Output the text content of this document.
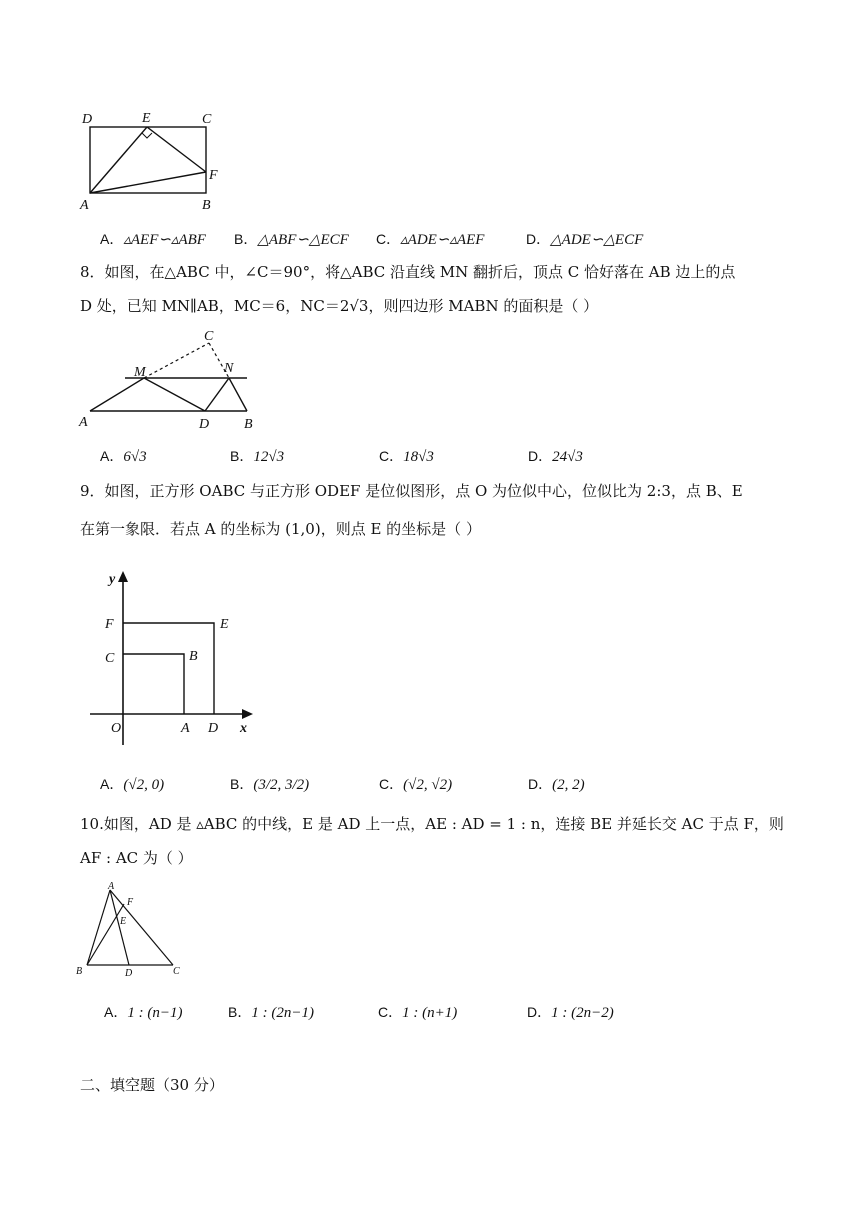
D	E	C
A	B
F
A．▵AEF∽▵ABF B．△ABF∽△ECF C．▵ADE∽▵AEF	D．△ADE∽△ECF
8．如图，在△ABC 中，∠C＝90°，将△ABC 沿直线 MN 翻折后，顶点 C 恰好落在 AB 边上的点
D 处，已知 MN∥AB，MC＝6，NC＝2√3，则四边形 MABN 的面积是（ ）
C
M	N
A	D B
A．6√3	B．12√3	C．18√3	D．24√3
9．如图，正方形 OABC 与正方形 ODEF 是位似图形，点 O 为位似中心，位似比为 2:3，点 B、E
在第一象限．若点 A 的坐标为 (1,0)，则点 E 的坐标是（ ）
y
x
O	A D
B
C
E
F
A．(√2, 0)	B．(3/2, 3/2)	C．(√2, √2)	D．(2, 2)
10.如图，AD 是 ▵ABC 的中线，E 是 AD 上一点，AE : AD = 1 : n，连接 BE 并延长交 AC 于点 F，则
AF : AC 为（ ）
A
F
E
B	D	C
A．1 : (n−1)	B．1 : (2n−1)	C．1 : (n+1)	D．1 : (2n−2)
二、填空题（30 分）
